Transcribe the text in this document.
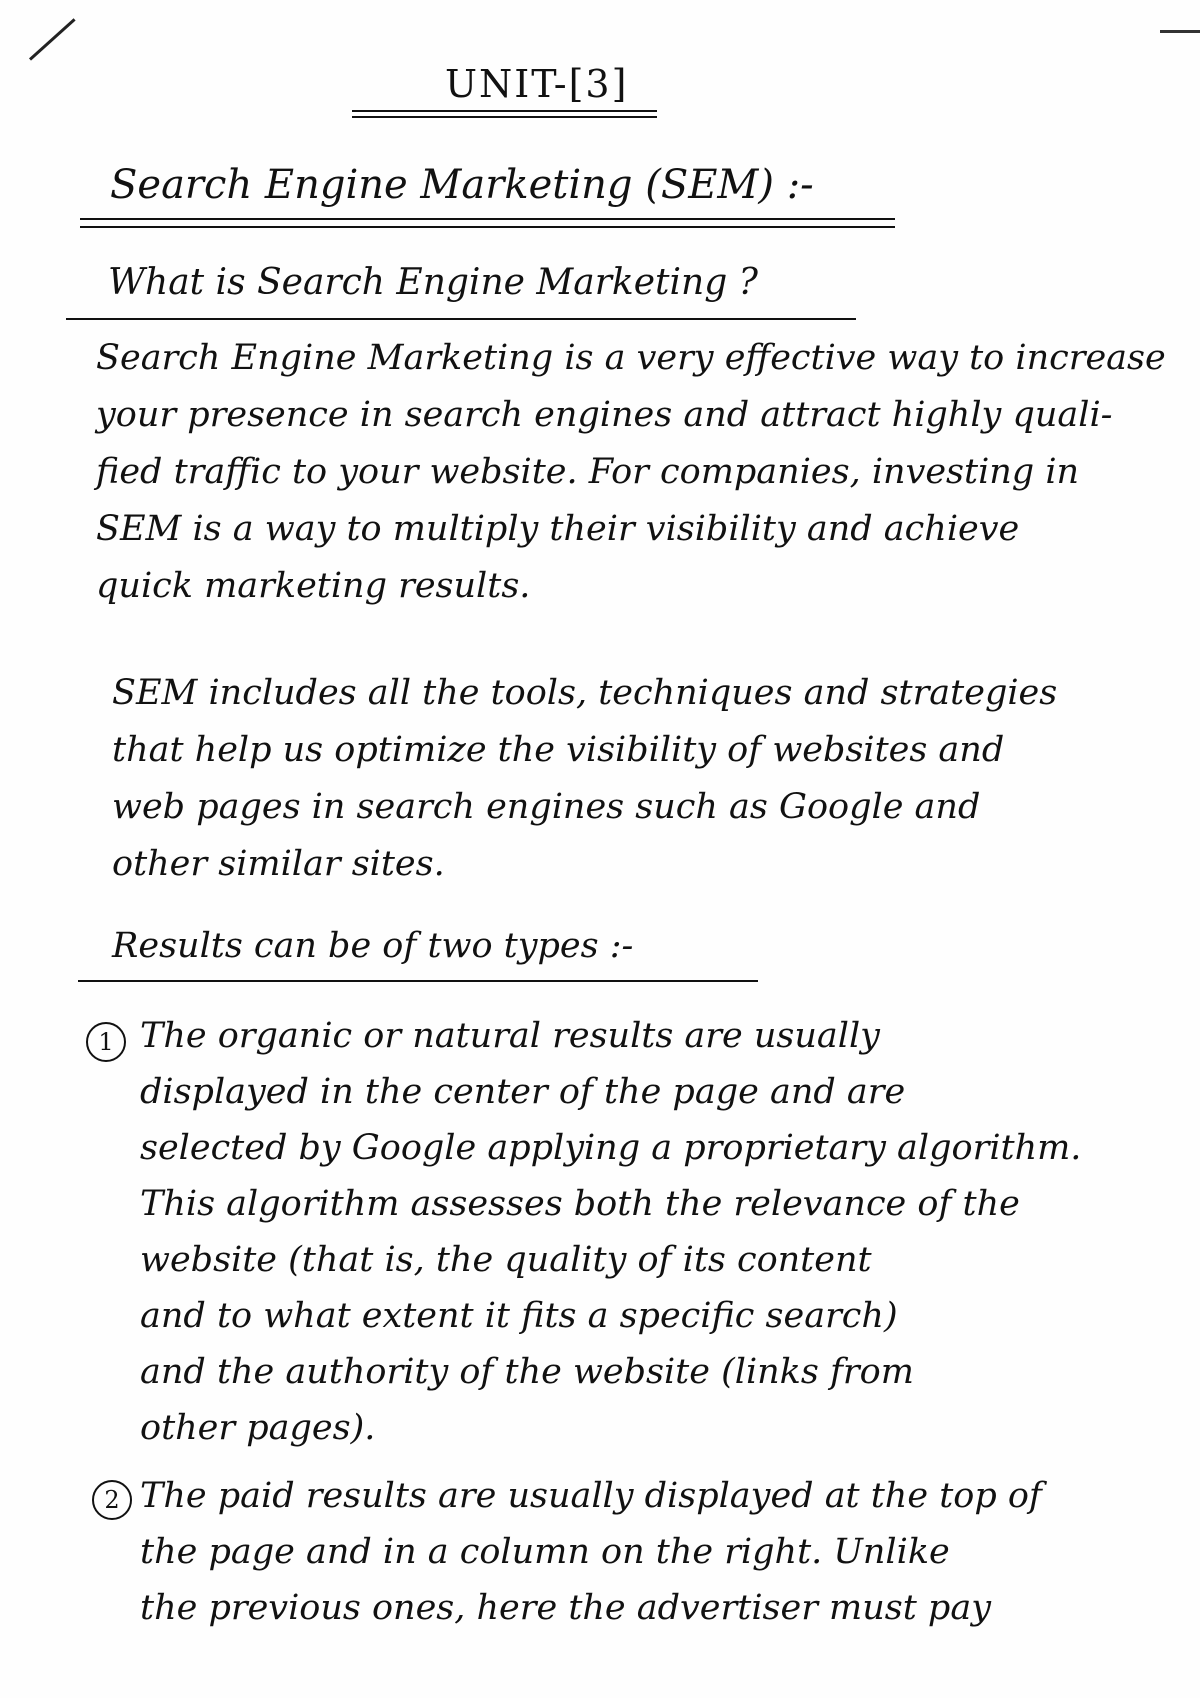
UNIT-[3]
Search Engine Marketing (SEM) :-
What is Search Engine Marketing ?

Search Engine Marketing is a very effective way to increase
your presence in search engines and attract highly quali-
fied traffic to your website. For companies, investing in
SEM is a way to multiply their visibility and achieve
quick marketing results.

SEM includes all the tools, techniques and strategies
that help us optimize the visibility of websites and
web pages in search engines such as Google and
other similar sites.

Results can be of two types :-
1 The organic or natural results are usually
displayed in the center of the page and are
selected by Google applying a proprietary algorithm.
This algorithm assesses both the relevance of the
website (that is, the quality of its content
and to what extent it fits a specific search)
and the authority of the website (links from
other pages).

2 The paid results are usually displayed at the top of
the page and in a column on the right. Unlike
the previous ones, here the advertiser must pay
